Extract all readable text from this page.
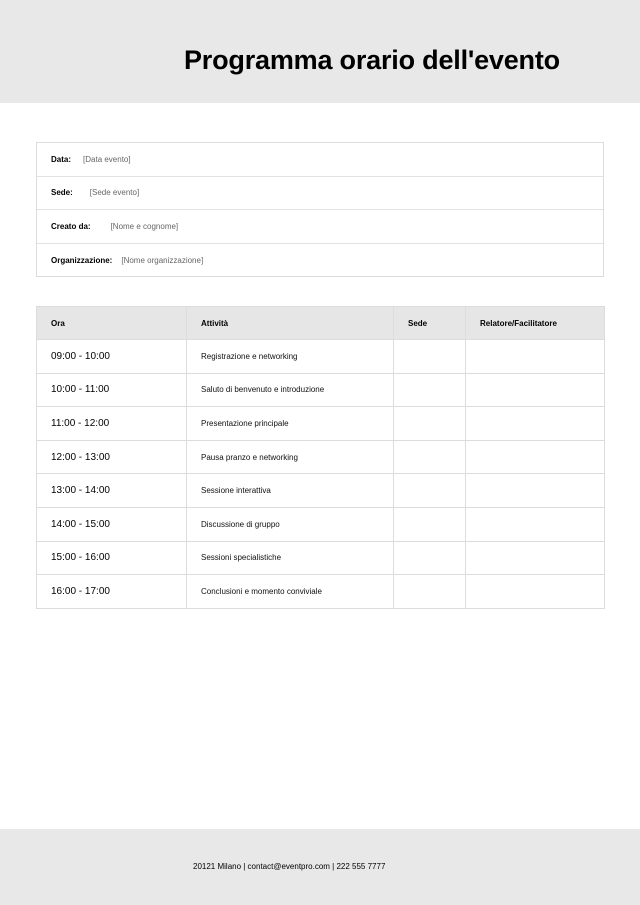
Programma orario dell'evento
Data: [Data evento]
Sede: [Sede evento]
Creato da:	[Nome e cognome]
Organizzazione: [Nome organizzazione]
Ora	Attività	Sede	Relatore/Facilitatore
09:00 - 10:00	Registrazione e networking		
10:00 - 11:00	Saluto di benvenuto e introduzione		
11:00 - 12:00	Presentazione principale		
12:00 - 13:00	Pausa pranzo e networking		
13:00 - 14:00	Sessione interattiva		
14:00 - 15:00	Discussione di gruppo		
15:00 - 16:00	Sessioni specialistiche		
16:00 - 17:00	Conclusioni e momento conviviale		
20121 Milano | contact@eventpro.com | 222 555 7777
